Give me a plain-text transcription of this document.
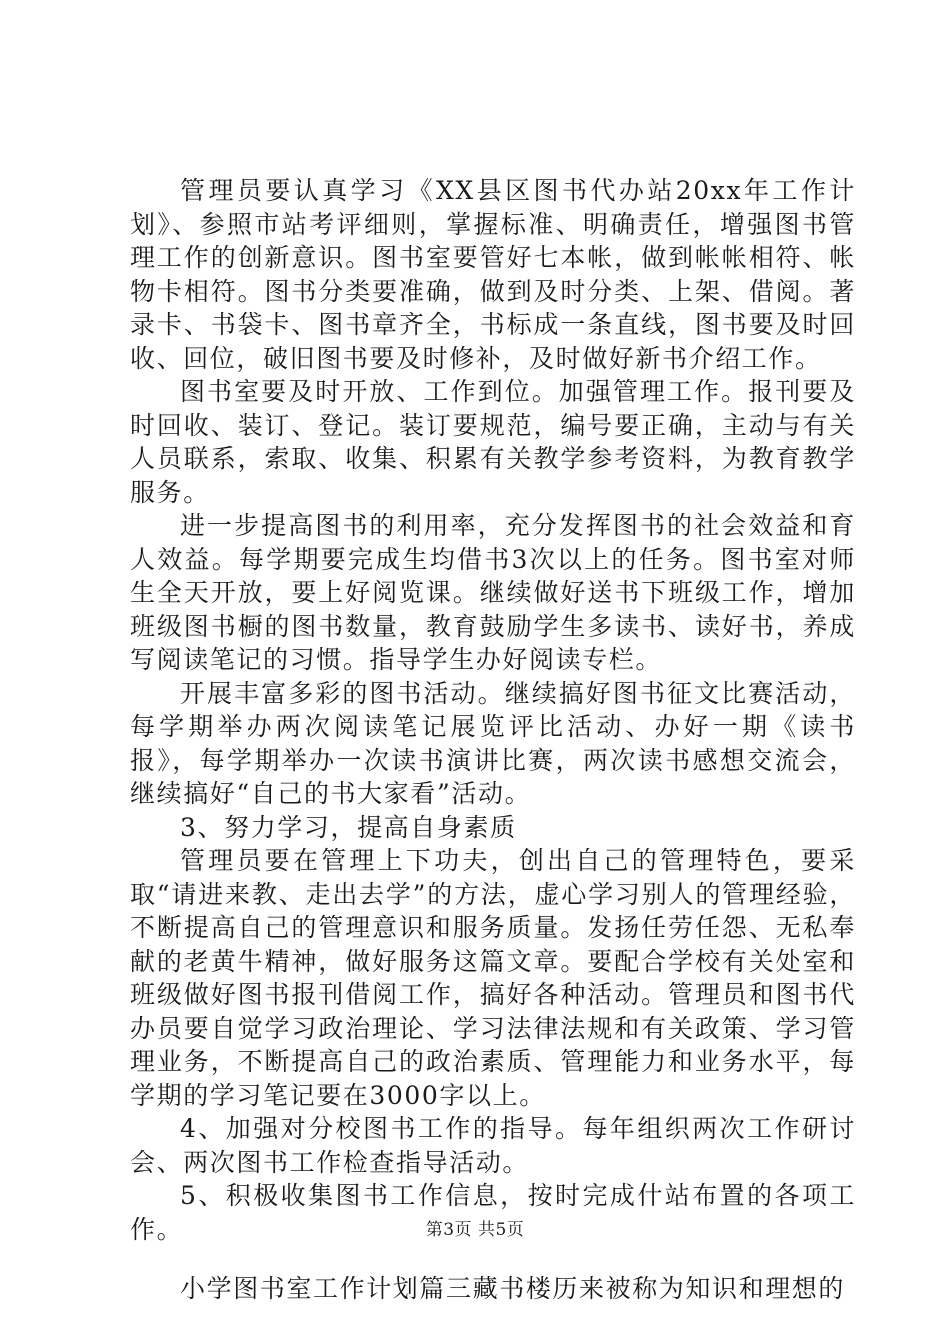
管理员要认真学习《XX县区图书代办站20xx年工作计划》、参照市站考评细则，掌握标准、明确责任，增强图书管理工作的创新意识。图书室要管好七本帐，做到帐帐相符、帐物卡相符。图书分类要准确，做到及时分类、上架、借阅。著录卡、书袋卡、图书章齐全，书标成一条直线，图书要及时回收、回位，破旧图书要及时修补，及时做好新书介绍工作。

图书室要及时开放、工作到位。加强管理工作。报刊要及时回收、装订、登记。装订要规范，编号要正确，主动与有关人员联系，索取、收集、积累有关教学参考资料，为教育教学服务。

进一步提高图书的利用率，充分发挥图书的社会效益和育人效益。每学期要完成生均借书3次以上的任务。图书室对师生全天开放，要上好阅览课。继续做好送书下班级工作，增加班级图书橱的图书数量，教育鼓励学生多读书、读好书，养成写阅读笔记的习惯。指导学生办好阅读专栏。

开展丰富多彩的图书活动。继续搞好图书征文比赛活动，每学期举办两次阅读笔记展览评比活动、办好一期《读书报》，每学期举办一次读书演讲比赛，两次读书感想交流会，继续搞好“自己的书大家看”活动。

3、努力学习，提高自身素质

管理员要在管理上下功夫，创出自己的管理特色，要采取“请进来教、走出去学”的方法，虚心学习别人的管理经验，不断提高自己的管理意识和服务质量。发扬任劳任怨、无私奉献的老黄牛精神，做好服务这篇文章。要配合学校有关处室和班级做好图书报刊借阅工作，搞好各种活动。管理员和图书代办员要自觉学习政治理论、学习法律法规和有关政策、学习管理业务，不断提高自己的政治素质、管理能力和业务水平，每学期的学习笔记要在3000字以上。

4、加强对分校图书工作的指导。每年组织两次工作研讨会、两次图书工作检查指导活动。

5、积极收集图书工作信息，按时完成什站布置的各项工作。

小学图书室工作计划篇三藏书楼历来被称为知识和理想的

第3页 共5页
